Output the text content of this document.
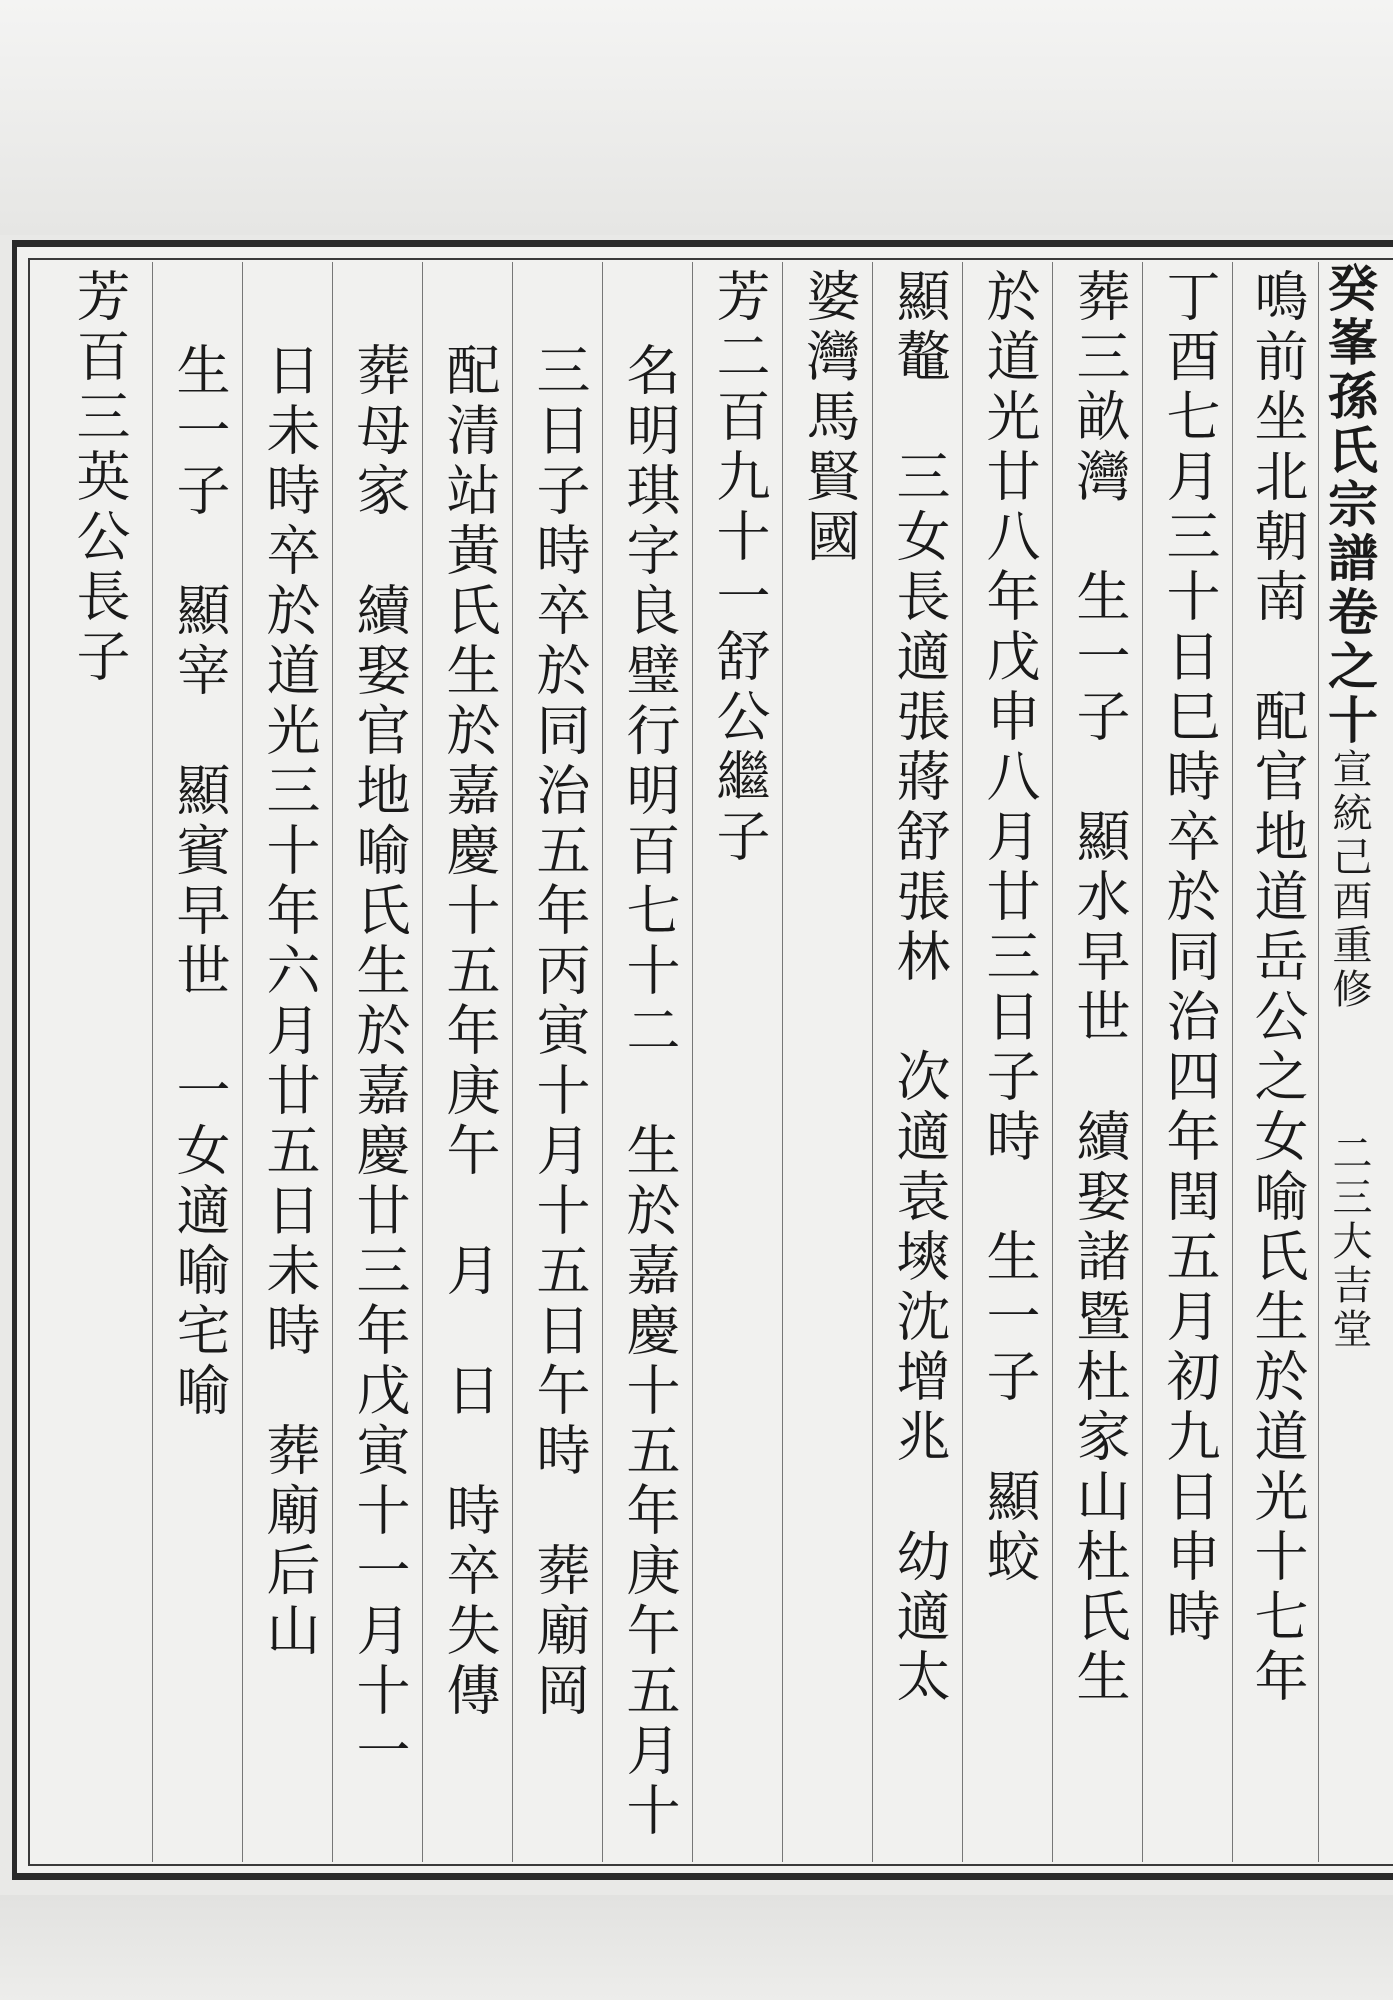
癸峯孫氏宗譜卷之十宣統己酉重修二三大吉堂
鳴前坐北朝南　配官地道岳公之女喻氏生於道光十七年
丁酉七月三十日巳時卒於同治四年閏五月初九日申時
葬三畝灣　生一子　顯水早世　續娶諸暨杜家山杜氏生
於道光廿八年戊申八月廿三日子時　生一子　顯蛟
顯鼇　三女長適張蔣舒張林　次適袁塽沈增兆　幼適太
婆灣馬賢國
芳二百九十一舒公繼子
名明琪字良璧行明百七十二　生於嘉慶十五年庚午五月十
三日子時卒於同治五年丙寅十月十五日午時　葬廟岡
配清站黃氏生於嘉慶十五年庚午　月　日　時卒失傳
葬母家　續娶官地喻氏生於嘉慶廿三年戊寅十一月十一
日未時卒於道光三十年六月廿五日未時　葬廟后山
生一子　顯宰　顯賓早世　一女適喻宅喻
芳百三英公長子
